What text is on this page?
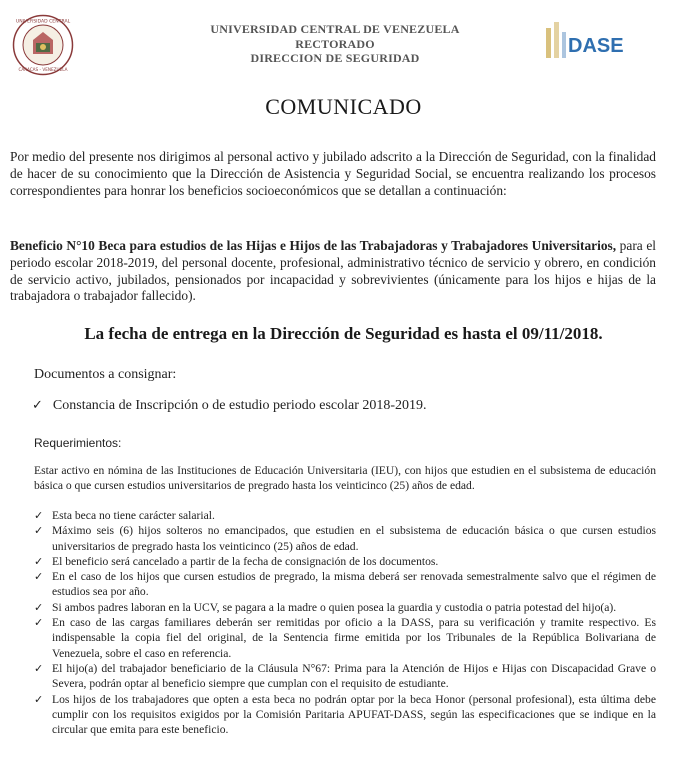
UNIVERSIDAD CENTRAL
CARACAS - VENEZUELA
UNIVERSIDAD CENTRAL DE VENEZUELA
RECTORADO
DIRECCION DE SEGURIDAD
DASE
COMUNICADO
Por medio del presente nos dirigimos al personal activo y jubilado adscrito a la Dirección de Seguridad, con la finalidad de hacer de su conocimiento que la Dirección de Asistencia y Seguridad Social, se encuentra realizando los procesos correspondientes para honrar los beneficios socioeconómicos que se detallan a continuación:
Beneficio N°10 Beca para estudios de las Hijas e Hijos de las Trabajadoras y Trabajadores Universitarios, para el periodo escolar 2018-2019, del personal docente, profesional, administrativo técnico de servicio y obrero, en condición de servicio activo, jubilados, pensionados por incapacidad y sobrevivientes (únicamente para los hijos e hijas de la trabajadora o trabajador fallecido).
La fecha de entrega en la Dirección de Seguridad es hasta el 09/11/2018.
Documentos a consignar:
✓ Constancia de Inscripción o de estudio periodo escolar 2018-2019.
Requerimientos:
Estar activo en nómina de las Instituciones de Educación Universitaria (IEU), con hijos que estudien en el subsistema de educación básica o que cursen estudios universitarios de pregrado hasta los veinticinco (25) años de edad.
✓ Esta beca no tiene carácter salarial.
✓ Máximo seis (6) hijos solteros no emancipados, que estudien en el subsistema de educación básica o que cursen estudios universitarios de pregrado hasta los veinticinco (25) años de edad.
✓ El beneficio será cancelado a partir de la fecha de consignación de los documentos.
✓ En el caso de los hijos que cursen estudios de pregrado, la misma deberá ser renovada semestralmente salvo que el régimen de estudios sea por año.
✓ Si ambos padres laboran en la UCV, se pagara a la madre o quien posea la guardia y custodia o patria potestad del hijo(a).
✓ En caso de las cargas familiares deberán ser remitidas por oficio a la DASS, para su verificación y tramite respectivo. Es indispensable la copia fiel del original, de la Sentencia firme emitida por los Tribunales de la República Bolivariana de Venezuela, sobre el caso en referencia.
✓ El hijo(a) del trabajador beneficiario de la Cláusula N°67: Prima para la Atención de Hijos e Hijas con Discapacidad Grave o Severa, podrán optar al beneficio siempre que cumplan con el requisito de estudiante.
✓ Los hijos de los trabajadores que opten a esta beca no podrán optar por la beca Honor (personal profesional), esta última debe cumplir con los requisitos exigidos por la Comisión Paritaria APUFAT-DASS, según las especificaciones que se indique en la circular que emita para este beneficio.
